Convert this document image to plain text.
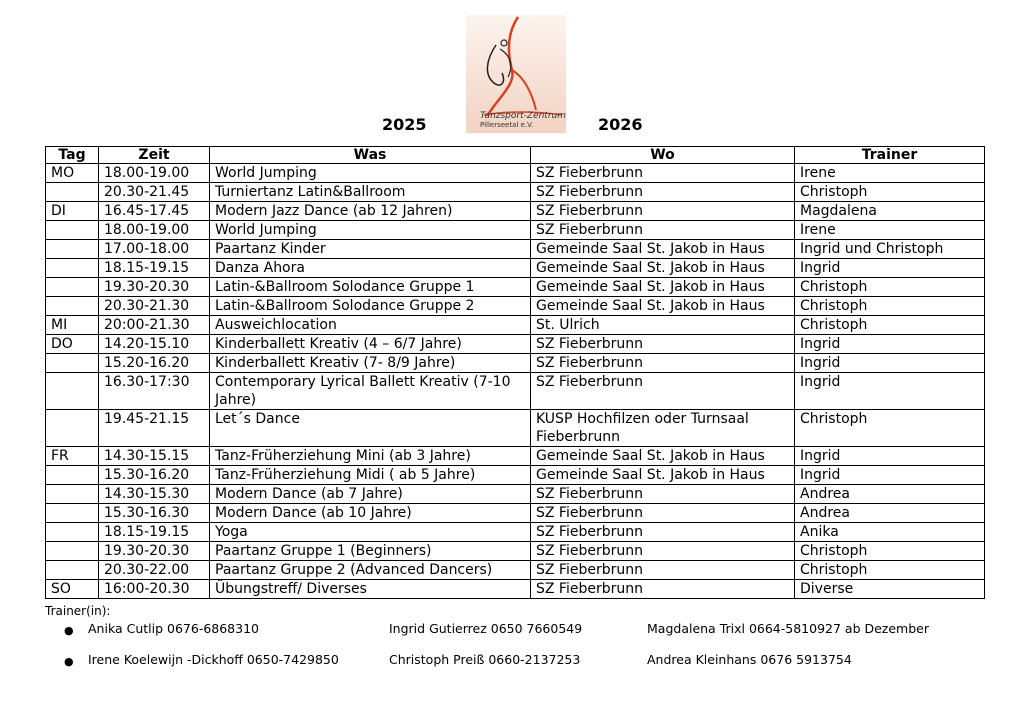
Tanzsport-Zentrum
Pillerseetal e.V.
2025	2026
Tag	Zeit	Was	Wo	Trainer
MO	18.00-19.00	World Jumping	SZ Fieberbrunn	Irene
	20.30-21.45	Turniertanz Latin&Ballroom	SZ Fieberbrunn	Christoph
DI	16.45-17.45	Modern Jazz Dance (ab 12 Jahren)	SZ Fieberbrunn	Magdalena
	18.00-19.00	World Jumping	SZ Fieberbrunn	Irene
	17.00-18.00	Paartanz Kinder	Gemeinde Saal St. Jakob in Haus	Ingrid und Christoph
	18.15-19.15	Danza Ahora	Gemeinde Saal St. Jakob in Haus	Ingrid
	19.30-20.30	Latin-&Ballroom Solodance Gruppe 1	Gemeinde Saal St. Jakob in Haus	Christoph
	20.30-21.30	Latin-&Ballroom Solodance Gruppe 2	Gemeinde Saal St. Jakob in Haus	Christoph
MI	20:00-21.30	Ausweichlocation	St. Ulrich	Christoph
DO	14.20-15.10	Kinderballett Kreativ (4 – 6/7 Jahre)	SZ Fieberbrunn	Ingrid
	15.20-16.20	Kinderballett Kreativ (7- 8/9 Jahre)	SZ Fieberbrunn	Ingrid
	16.30-17:30	Contemporary Lyrical Ballett Kreativ (7-10 Jahre)	SZ Fieberbrunn	Ingrid
	19.45-21.15	Let´s Dance	KUSP Hochfilzen oder Turnsaal Fieberbrunn	Christoph
FR	14.30-15.15	Tanz-Früherziehung Mini (ab 3 Jahre)	Gemeinde Saal St. Jakob in Haus	Ingrid
	15.30-16.20	Tanz-Früherziehung Midi ( ab 5 Jahre)	Gemeinde Saal St. Jakob in Haus	Ingrid
	14.30-15.30	Modern Dance (ab 7 Jahre)	SZ Fieberbrunn	Andrea
	15.30-16.30	Modern Dance (ab 10 Jahre)	SZ Fieberbrunn	Andrea
	18.15-19.15	Yoga	SZ Fieberbrunn	Anika
	19.30-20.30	Paartanz Gruppe 1 (Beginners)	SZ Fieberbrunn	Christoph
	20.30-22.00	Paartanz Gruppe 2 (Advanced Dancers)	SZ Fieberbrunn	Christoph
SO	16:00-20.30	Übungstreff/ Diverses	SZ Fieberbrunn	Diverse
Trainer(in):
● Anika Cutlip 0676-6868310	Ingrid Gutierrez 0650 7660549	Magdalena Trixl 0664-5810927 ab Dezember
● Irene Koelewijn -Dickhoff 0650-7429850	Christoph Preiß 0660-2137253	Andrea Kleinhans 0676 5913754
